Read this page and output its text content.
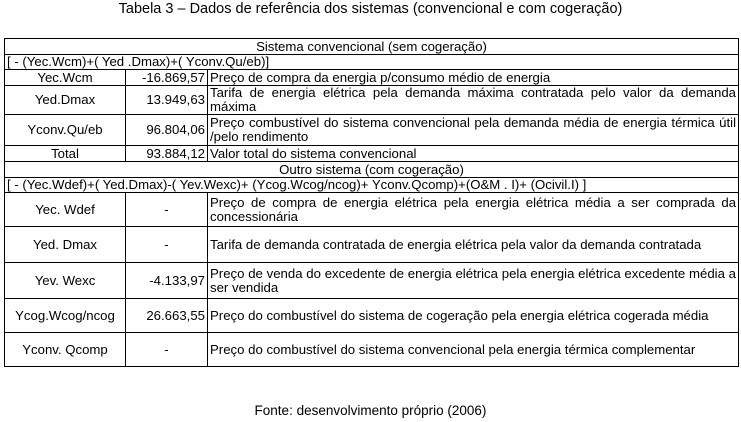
Tabela 3 – Dados de referência dos sistemas (convencional e com cogeração)
Sistema convencional (sem cogeração)		
[ - (Yec.Wcm)+( Yed .Dmax)+( Yconv.Qu/eb)]		
Yec.Wcm	-16.869,57	Preço de compra da energia p/consumo médio de energia
Yed.Dmax	13.949,63	Tarifa de energia elétrica pela demanda máxima contratada pelo valor da demanda máxima
Yconv.Qu/eb	96.804,06	Preço combustível do sistema convencional pela demanda média de energia térmica útil /pelo rendimento
Total	93.884,12	Valor total do sistema convencional
Outro sistema (com cogeração)		
[ - (Yec.Wdef)+( Yed.Dmax)-( Yev.Wexc)+ (Ycog.Wcog/ncog)+ Yconv.Qcomp)+(O&M . I)+ (Ocivil.I) ]		
Yec. Wdef	-	Preço de compra de energia elétrica pela energia elétrica média a ser comprada da concessionária
Yed. Dmax	-	Tarifa de demanda contratada de energia elétrica pela valor da demanda contratada
Yev. Wexc	-4.133,97	Preço de venda do excedente de energia elétrica pela energia elétrica excedente média a ser vendida
Ycog.Wcog/ncog	26.663,55	Preço do combustível do sistema de cogeração pela energia elétrica cogerada média
Yconv. Qcomp	-	Preço do combustível do sistema convencional pela energia térmica complementar
Fonte: desenvolvimento próprio (2006)
